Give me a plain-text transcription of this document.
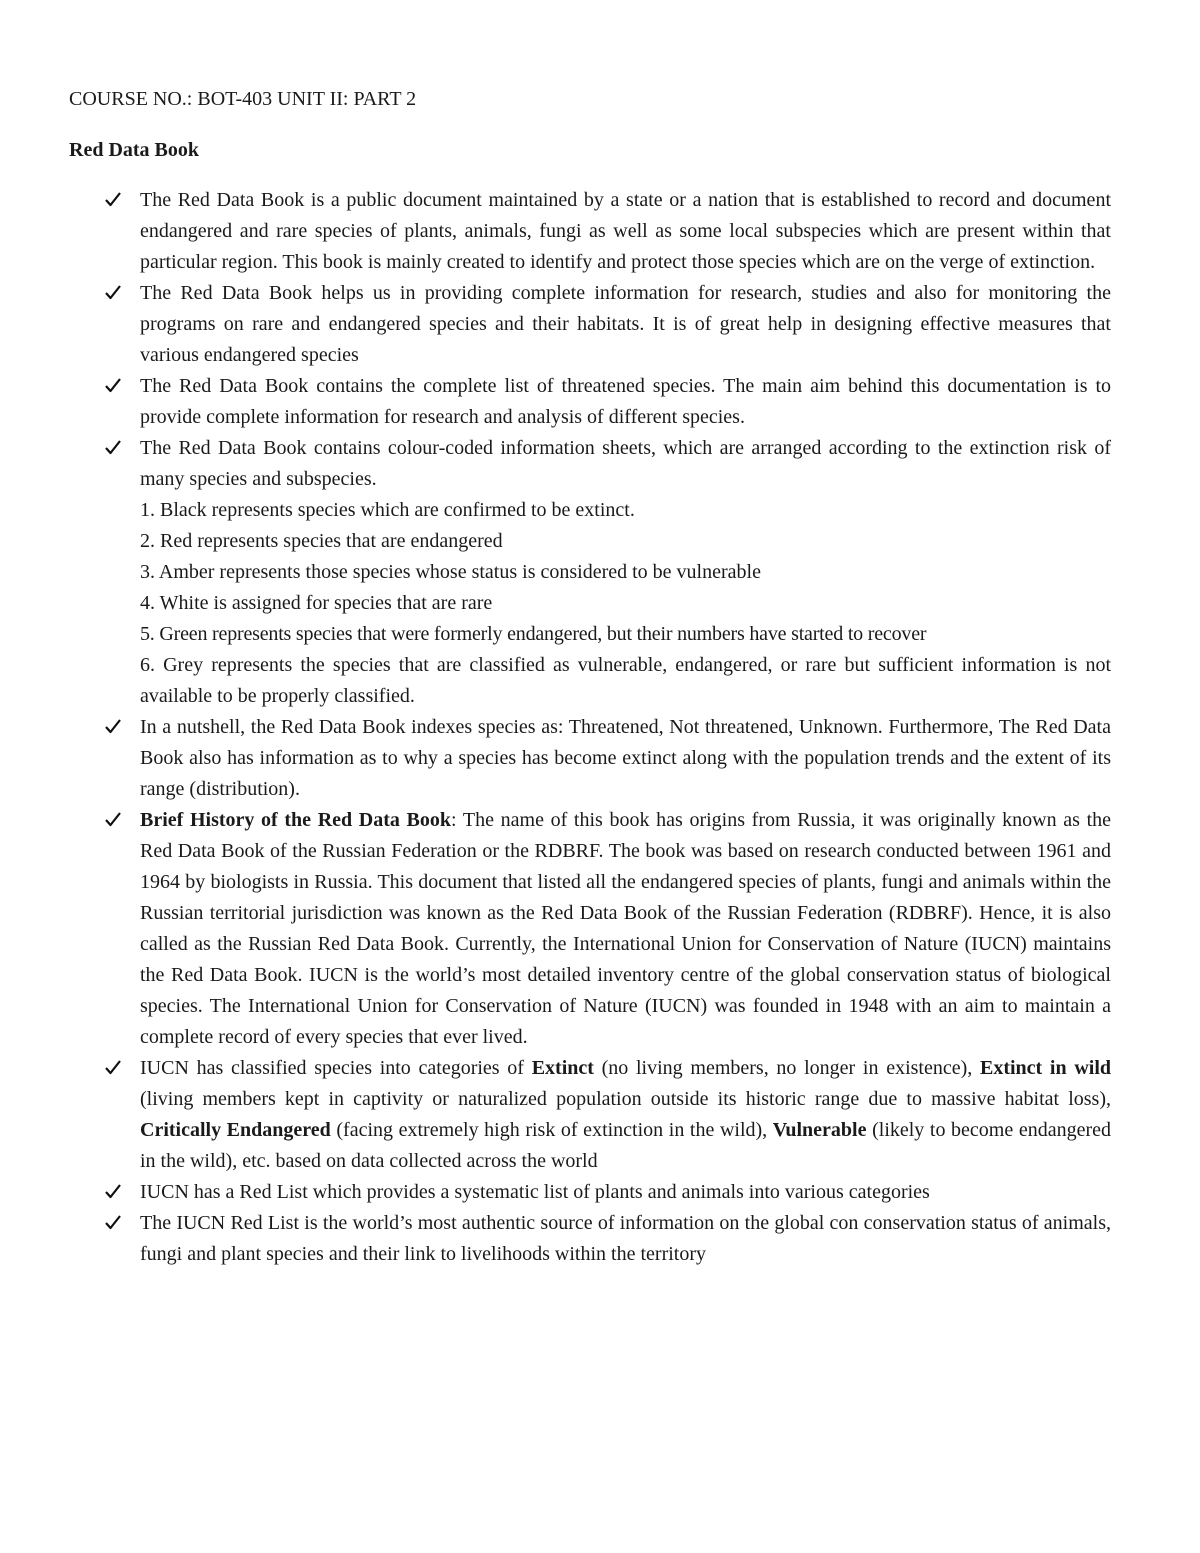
COURSE NO.: BOT-403 UNIT II: PART 2
Red Data Book
The Red Data Book is a public document maintained by a state or a nation that is established to record and document endangered and rare species of plants, animals, fungi as well as some local subspecies which are present within that particular region. This book is mainly created to identify and protect those species which are on the verge of extinction.
The Red Data Book helps us in providing complete information for research, studies and also for monitoring the programs on rare and endangered species and their habitats. It is of great help in designing effective measures that various endangered species
The Red Data Book contains the complete list of threatened species. The main aim behind this documentation is to provide complete information for research and analysis of different species.
The Red Data Book contains colour-coded information sheets, which are arranged according to the extinction risk of many species and subspecies.
1. Black represents species which are confirmed to be extinct.
2. Red represents species that are endangered
3. Amber represents those species whose status is considered to be vulnerable
4. White is assigned for species that are rare
5. Green represents species that were formerly endangered, but their numbers have started to recover
6. Grey represents the species that are classified as vulnerable, endangered, or rare but sufficient information is not available to be properly classified.
In a nutshell, the Red Data Book indexes species as: Threatened, Not threatened, Unknown. Furthermore, The Red Data Book also has information as to why a species has become extinct along with the population trends and the extent of its range (distribution).
Brief History of the Red Data Book: The name of this book has origins from Russia, it was originally known as the Red Data Book of the Russian Federation or the RDBRF. The book was based on research conducted between 1961 and 1964 by biologists in Russia. This document that listed all the endangered species of plants, fungi and animals within the Russian territorial jurisdiction was known as the Red Data Book of the Russian Federation (RDBRF). Hence, it is also called as the Russian Red Data Book. Currently, the International Union for Conservation of Nature (IUCN) maintains the Red Data Book. IUCN is the world’s most detailed inventory centre of the global conservation status of biological species. The International Union for Conservation of Nature (IUCN) was founded in 1948 with an aim to maintain a complete record of every species that ever lived.
IUCN has classified species into categories of Extinct (no living members, no longer in existence), Extinct in wild (living members kept in captivity or naturalized population outside its historic range due to massive habitat loss), Critically Endangered (facing extremely high risk of extinction in the wild), Vulnerable (likely to become endangered in the wild), etc. based on data collected across the world
IUCN has a Red List which provides a systematic list of plants and animals into various categories
The IUCN Red List is the world’s most authentic source of information on the global con conservation status of animals, fungi and plant species and their link to livelihoods within the territory
